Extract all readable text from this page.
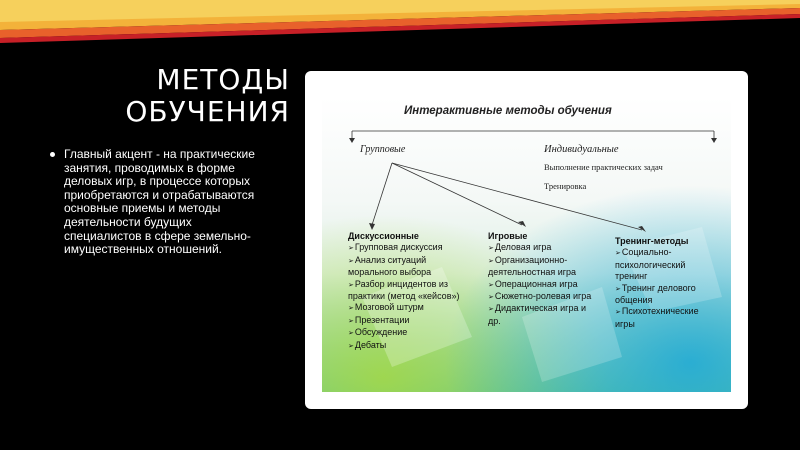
МЕТОДЫ
ОБУЧЕНИЯ
Главный акцент - на практические занятия, проводимых в форме деловых игр, в процессе которых приобретаются и отрабатываются основные приемы и методы деятельности будущих специалистов в сфере земельно-имущественных отношений.
Интерактивные методы обучения
Групповые	Индивидуальные
Выполнение практических задач
Тренировка
Дискуссионные
➢ Групповая дискуссия
➢ Анализ ситуаций морального выбора
➢ Разбор инцидентов из практики (метод «кейсов»)
➢ Мозговой штурм
➢ Презентации
➢ Обсуждение
➢ Дебаты
Игровые
➢ Деловая игра
➢ Организационно-деятельностная игра
➢ Операционная игра
➢ Сюжетно-ролевая игра
➢ Дидактическая игра и др.
Тренинг-методы
➢ Социально-психологический тренинг
➢ Тренинг делового общения
➢ Психотехнические игры
